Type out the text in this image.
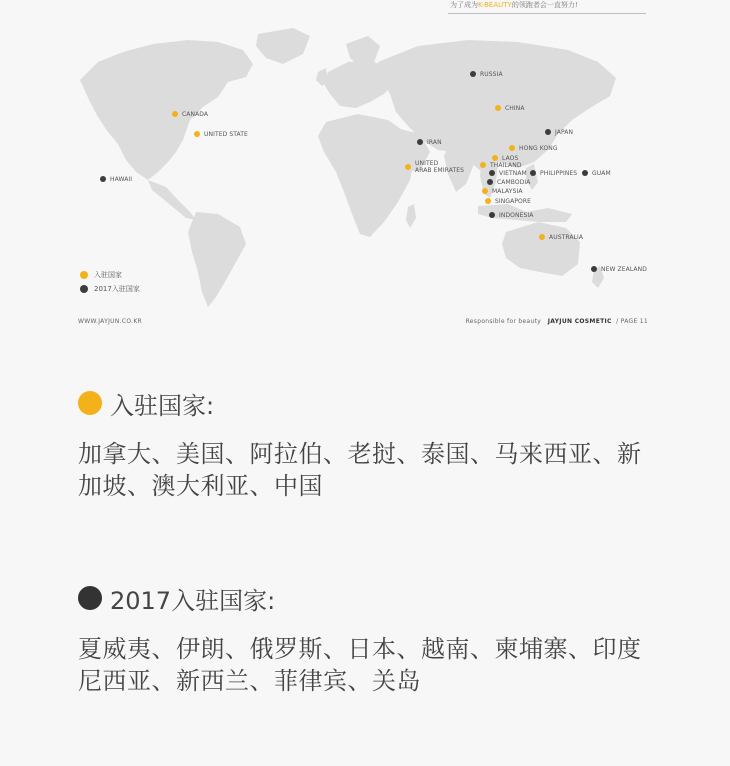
为了成为K-BEAUTY的领跑者会一直努力!
RUSSIA
CHINA
CANADA
UNITED STATE	JAPAN
IRAN
HONG KONG
LAOS
UNITED
ARAB EMIRATES
THAILAND
VIETNAM PHILIPPINES GUAM
HAWAII	CAMBODIA
MALAYSIA
SINGAPORE
INDONESIA
AUSTRALIA
NEW ZEALAND
入驻国家
2017入驻国家
WWW.JAYJUN.CO.KR	Responsible for beauty JAYJUN COSMETIC / PAGE 11
入驻国家:
加拿大、美国、阿拉伯、老挝、泰国、马来西亚、新加坡、澳大利亚、中国
2017入驻国家:
夏威夷、伊朗、俄罗斯、日本、越南、柬埔寨、印度尼西亚、新西兰、菲律宾、关岛
